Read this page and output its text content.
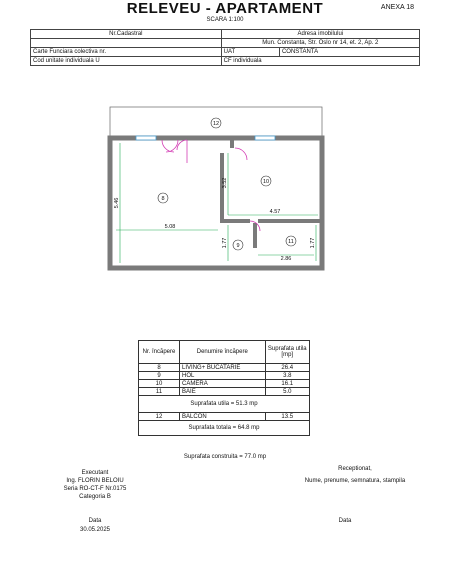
RELEVEU - APARTAMENT
SCARA 1:100
ANEXA 18
Nr.Cadastral	Adresa imobilului	
	Mun. Constanta, Str. Oslo nr 14, et. 2, Ap. 2	
Carte Funciara colectiva nr.	UAT	CONSTANTA
Cod unitate individuala U	CF individuala	
12
8
10
9
11
5.46
5.08
3.52
4.57
1.77	1.77
2.86
Nr. încăpere	Denumire încăpere	Suprafata utila [mp]
8	LIVING+ BUCATARIE	26.4
9	HOL	3.8
10	CAMERA	16.1
11	BAIE	5.0
Suprafata utila = 51.3 mp		
12	BALCON	13.5
Suprafata totala = 64.8 mp		
Suprafata construita = 77.0 mp
Executant
Ing. FLORIN BELOIU
Seria RO-CT-F Nr.0175
Categoria B
Data
30.05.2025
Receptionat,
Nume, prenume, semnatura, stampila
Data
